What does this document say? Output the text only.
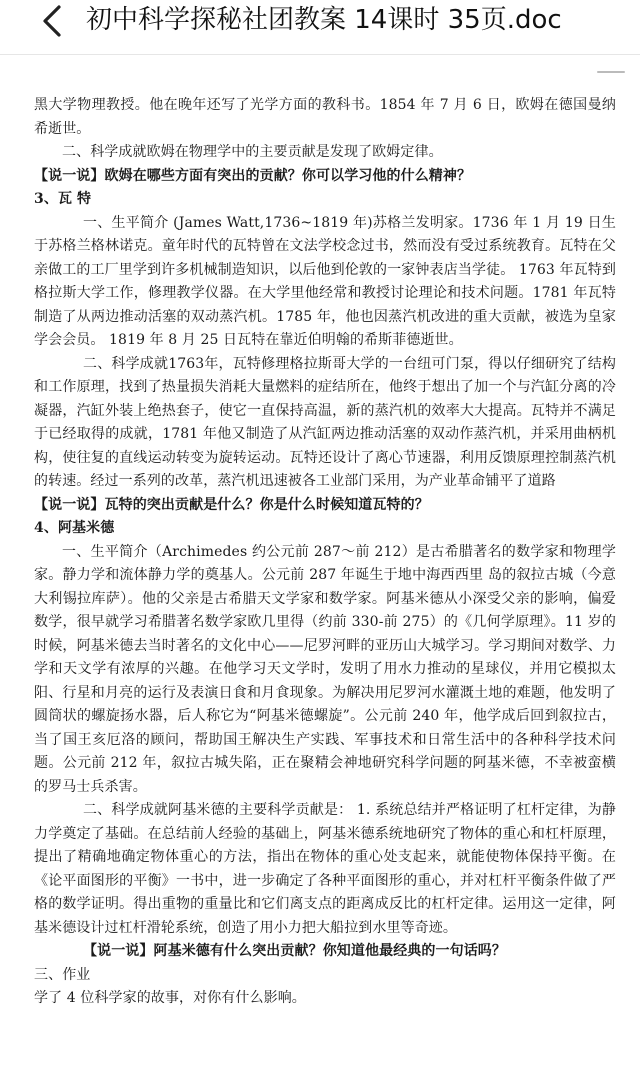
初中科学探秘社团教案 14课时 35页.doc

黑大学物理教授。他在晚年还写了光学方面的教科书。1854 年 7 月 6 日，欧姆在德国曼纳希逝世。

二、科学成就欧姆在物理学中的主要贡献是发现了欧姆定律。

【说一说】欧姆在哪些方面有突出的贡献？你可以学习他的什么精神？

3、瓦 特

一、生平简介 (James Watt,1736~1819 年)苏格兰发明家。1736 年 1 月 19 日生于苏格兰格林诺克。童年时代的瓦特曾在文法学校念过书，然而没有受过系统教育。瓦特在父亲做工的工厂里学到许多机械制造知识，以后他到伦敦的一家钟表店当学徒。 1763 年瓦特到格拉斯大学工作，修理教学仪器。在大学里他经常和教授讨论理论和技术问题。1781 年瓦特制造了从两边推动活塞的双动蒸汽机。1785 年，他也因蒸汽机改进的重大贡献，被选为皇家学会会员。 1819 年 8 月 25 日瓦特在靠近伯明翰的希斯菲德逝世。

二、科学成就1763年，瓦特修理格拉斯哥大学的一台纽可门泵，得以仔细研究了结构和工作原理，找到了热量损失消耗大量燃料的症结所在，他终于想出了加一个与汽缸分离的冷凝器，汽缸外装上绝热套子，使它一直保持高温，新的蒸汽机的效率大大提高。瓦特并不满足于已经取得的成就，1781 年他又制造了从汽缸两边推动活塞的双动作蒸汽机，并采用曲柄机构，使往复的直线运动转变为旋转运动。瓦特还设计了离心节速器，利用反馈原理控制蒸汽机的转速。经过一系列的改革，蒸汽机迅速被各工业部门采用，为产业革命铺平了道路

【说一说】瓦特的突出贡献是什么？你是什么时候知道瓦特的？

4、阿基米德

一、生平简介（Archimedes 约公元前 287～前 212）是古希腊著名的数学家和物理学家。静力学和流体静力学的奠基人。公元前 287 年诞生于地中海西西里 岛的叙拉古城（今意大利锡拉库萨）。他的父亲是古希腊天文学家和数学家。阿基米德从小深受父亲的影响，偏爱数学，很早就学习希腊著名数学家欧几里得（约前 330-前 275）的《几何学原理》。11 岁的时候，阿基米德去当时著名的文化中心——尼罗河畔的亚历山大城学习。学习期间对数学、力学和天文学有浓厚的兴趣。在他学习天文学时，发明了用水力推动的星球仪，并用它模拟太阳、行星和月亮的运行及表演日食和月食现象。为解决用尼罗河水灌溉土地的难题，他发明了圆筒状的螺旋扬水器，后人称它为“阿基米德螺旋”。公元前 240 年，他学成后回到叙拉古，当了国王亥厄洛的顾问，帮助国王解决生产实践、军事技术和日常生活中的各种科学技术问题。公元前 212 年，叙拉古城失陷，正在聚精会神地研究科学问题的阿基米德，不幸被蛮横的罗马士兵杀害。

二、科学成就阿基米德的主要科学贡献是： 1. 系统总结并严格证明了杠杆定律，为静力学奠定了基础。在总结前人经验的基础上，阿基米德系统地研究了物体的重心和杠杆原理，提出了精确地确定物体重心的方法，指出在物体的重心处支起来，就能使物体保持平衡。在《论平面图形的平衡》一书中，进一步确定了各种平面图形的重心，并对杠杆平衡条件做了严格的数学证明。得出重物的重量比和它们离支点的距离成反比的杠杆定律。运用这一定律，阿基米德设计过杠杆滑轮系统，创造了用小力把大船拉到水里等奇迹。

【说一说】阿基米德有什么突出贡献？你知道他最经典的一句话吗？

三、作业

学了 4 位科学家的故事，对你有什么影响。
